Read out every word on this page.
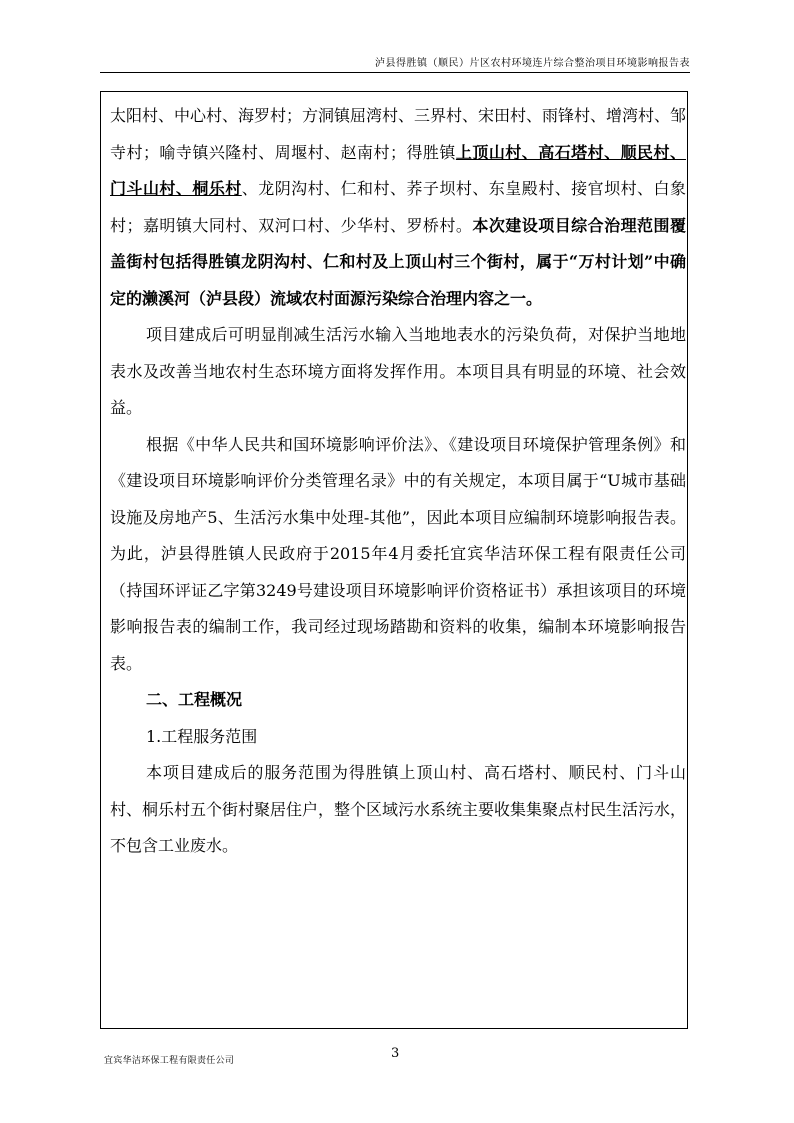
泸县得胜镇（顺民）片区农村环境连片综合整治项目环境影响报告表

太阳村、中心村、海罗村；方洞镇屈湾村、三界村、宋田村、雨锋村、增湾村、邹寺村；喻寺镇兴隆村、周堰村、赵南村；得胜镇上顶山村、高石塔村、顺民村、门斗山村、桐乐村、龙阴沟村、仁和村、荞子坝村、东皇殿村、接官坝村、白象村；嘉明镇大同村、双河口村、少华村、罗桥村。本次建设项目综合治理范围覆盖街村包括得胜镇龙阴沟村、仁和村及上顶山村三个街村，属于“万村计划”中确定的濑溪河（泸县段）流域农村面源污染综合治理内容之一。

项目建成后可明显削减生活污水输入当地地表水的污染负荷，对保护当地地表水及改善当地农村生态环境方面将发挥作用。本项目具有明显的环境、社会效益。

根据《中华人民共和国环境影响评价法》、《建设项目环境保护管理条例》和《建设项目环境影响评价分类管理名录》中的有关规定，本项目属于“U城市基础设施及房地产5、生活污水集中处理-其他”，因此本项目应编制环境影响报告表。为此，泸县得胜镇人民政府于2015年4月委托宜宾华洁环保工程有限责任公司（持国环评证乙字第3249号建设项目环境影响评价资格证书）承担该项目的环境影响报告表的编制工作，我司经过现场踏勘和资料的收集，编制本环境影响报告表。

二、工程概况

1.工程服务范围

本项目建成后的服务范围为得胜镇上顶山村、高石塔村、顺民村、门斗山村、桐乐村五个街村聚居住户，整个区域污水系统主要收集集聚点村民生活污水，不包含工业废水。

宜宾华洁环保工程有限责任公司	3
